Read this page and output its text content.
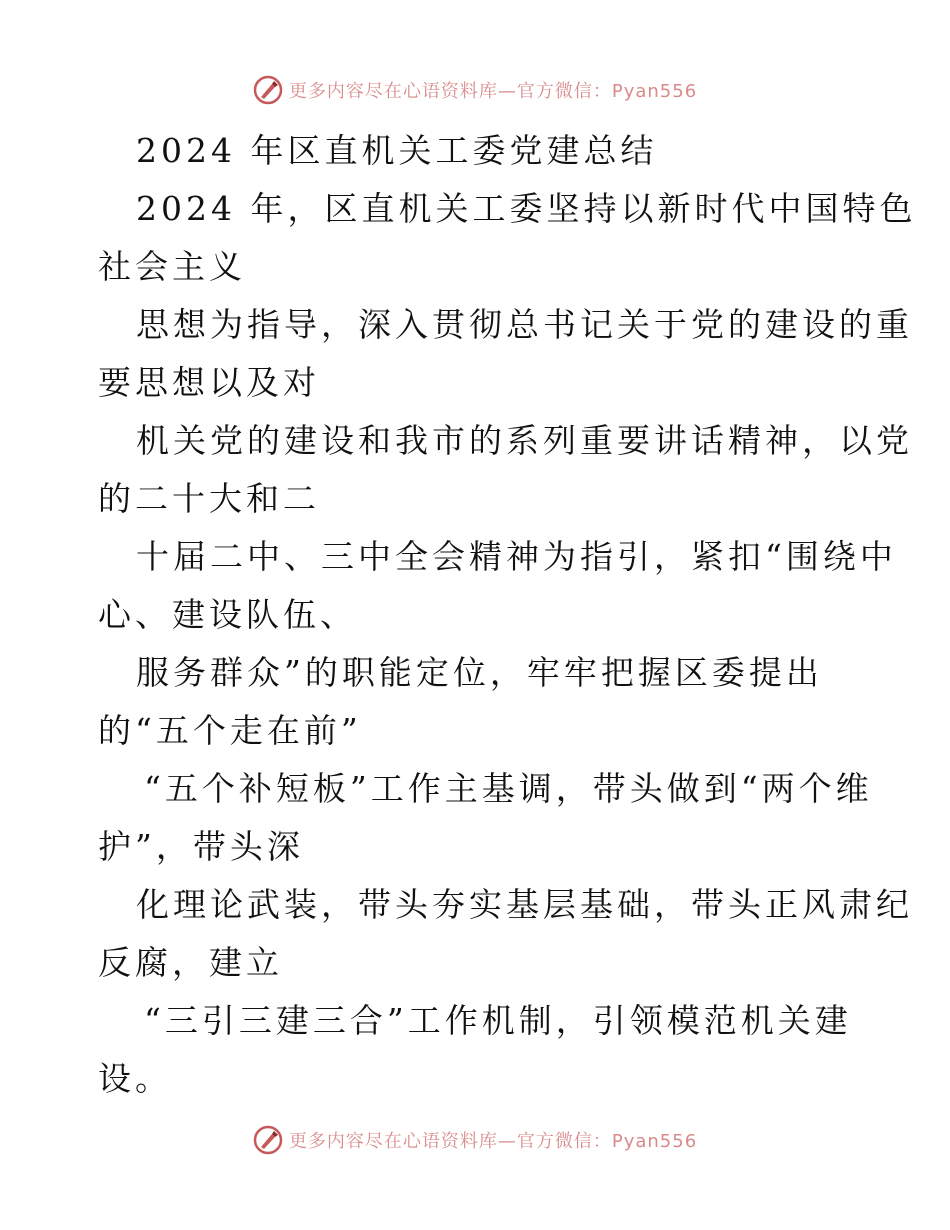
更多内容尽在心语资料库—官方微信：Pyan556
2024 年区直机关工委党建总结
2024 年，区直机关工委坚持以新时代中国特色
社会主义
思想为指导，深入贯彻总书记关于党的建设的重
要思想以及对
机关党的建设和我市的系列重要讲话精神，以党
的二十大和二
十届二中、三中全会精神为指引，紧扣“围绕中
心、建设队伍、
服务群众”的职能定位，牢牢把握区委提出
的“五个走在前”
“五个补短板”工作主基调，带头做到“两个维
护”，带头深
化理论武装，带头夯实基层基础，带头正风肃纪
反腐，建立
“三引三建三合”工作机制，引领模范机关建
设。
更多内容尽在心语资料库—官方微信：Pyan556
